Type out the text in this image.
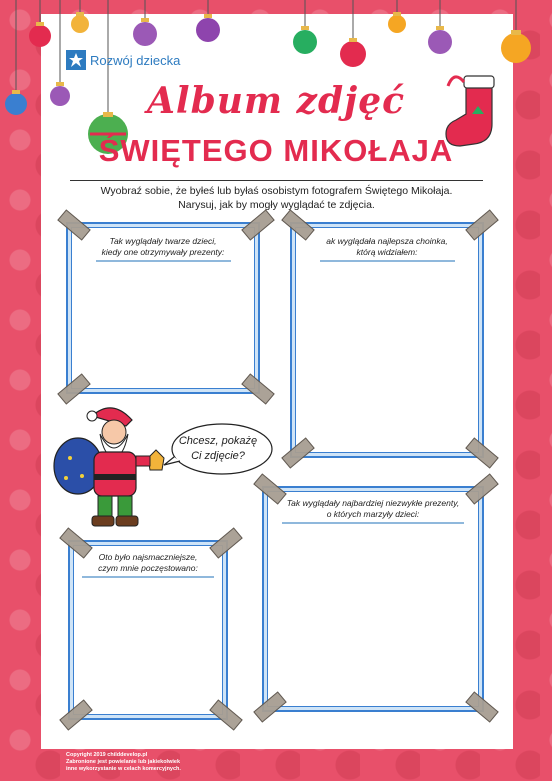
Rozwój dziecka
Album zdjęć
ŚWIĘTEGO MIKOŁAJA
Wyobraź sobie, że byłeś lub byłaś osobistym fotografem Świętego Mikołaja.
Narysuj, jak by mogły wyglądać te zdjęcia.
Tak wyglądały twarze dzieci,
kiedy one otrzymywały prezenty:
ak wyglądała najlepsza choinka,
którą widziałem:
Chcesz, pokażę
Ci zdjęcie?
Tak wyglądały najbardziej niezwykłe prezenty,
o których marzyły dzieci:
Oto było najsmaczniejsze,
czym mnie poczęstowano:
Copyright 2019 childdevelop.pl
Zabronione jest powielanie lub jakiekolwiek
inne wykorzystanie w celach komercyjnych.
